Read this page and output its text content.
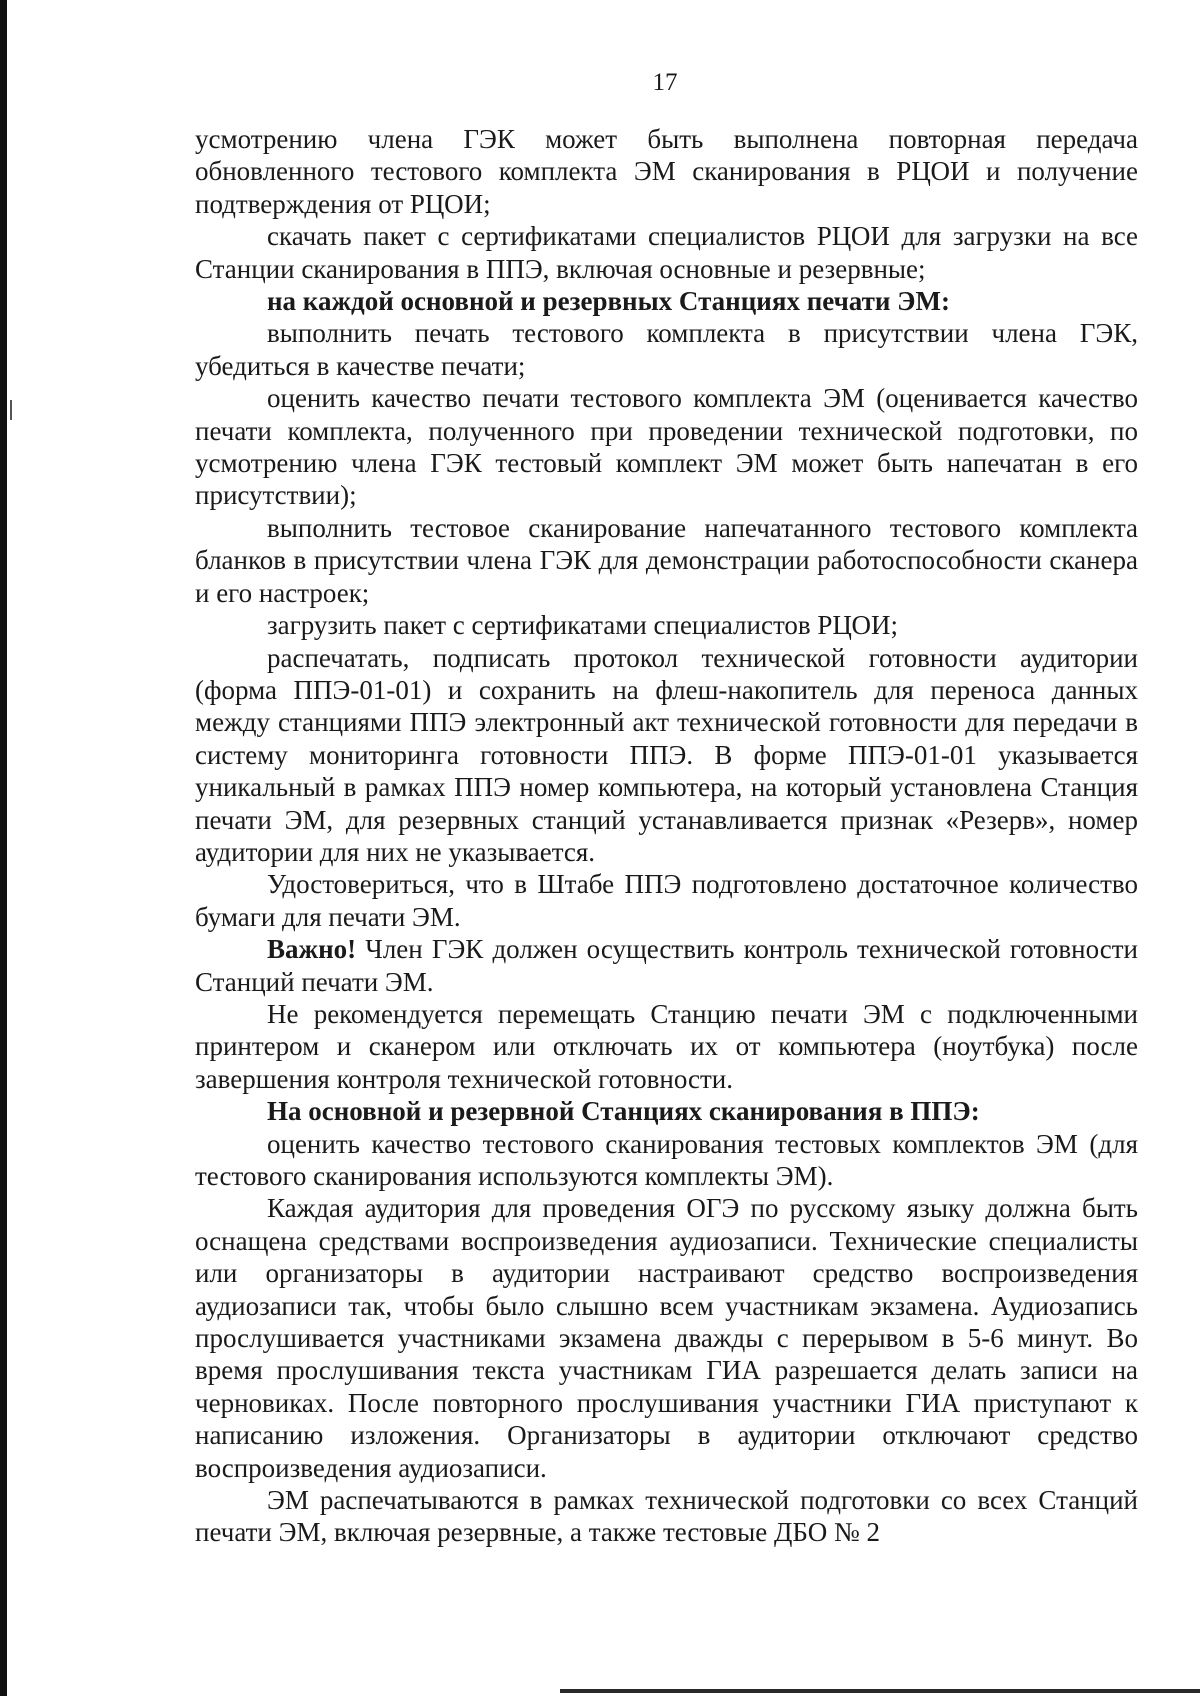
17

усмотрению члена ГЭК может быть выполнена повторная передача обновленного тестового комплекта ЭМ сканирования в РЦОИ и получение подтверждения от РЦОИ;

скачать пакет с сертификатами специалистов РЦОИ для загрузки на все Станции сканирования в ППЭ, включая основные и резервные;

на каждой основной и резервных Станциях печати ЭМ:

выполнить печать тестового комплекта в присутствии члена ГЭК, убедиться в качестве печати;

оценить качество печати тестового комплекта ЭМ (оценивается качество печати комплекта, полученного при проведении технической подготовки, по усмотрению члена ГЭК тестовый комплект ЭМ может быть напечатан в его присутствии);

выполнить тестовое сканирование напечатанного тестового комплекта бланков в присутствии члена ГЭК для демонстрации работоспособности сканера и его настроек;

загрузить пакет с сертификатами специалистов РЦОИ;

распечатать, подписать протокол технической готовности аудитории (форма ППЭ-01-01) и сохранить на флеш-накопитель для переноса данных между станциями ППЭ электронный акт технической готовности для передачи в систему мониторинга готовности ППЭ. В форме ППЭ-01-01 указывается уникальный в рамках ППЭ номер компьютера, на который установлена Станция печати ЭМ, для резервных станций устанавливается признак «Резерв», номер аудитории для них не указывается.

Удостовериться, что в Штабе ППЭ подготовлено достаточное количество бумаги для печати ЭМ.

Важно! Член ГЭК должен осуществить контроль технической готовности Станций печати ЭМ.

Не рекомендуется перемещать Станцию печати ЭМ с подключенными принтером и сканером или отключать их от компьютера (ноутбука) после завершения контроля технической готовности.

На основной и резервной Станциях сканирования в ППЭ:

оценить качество тестового сканирования тестовых комплектов ЭМ (для тестового сканирования используются комплекты ЭМ).

Каждая аудитория для проведения ОГЭ по русскому языку должна быть оснащена средствами воспроизведения аудиозаписи. Технические специалисты или организаторы в аудитории настраивают средство воспроизведения аудиозаписи так, чтобы было слышно всем участникам экзамена. Аудиозапись прослушивается участниками экзамена дважды с перерывом в 5-6 минут. Во время прослушивания текста участникам ГИА разрешается делать записи на черновиках. После повторного прослушивания участники ГИА приступают к написанию изложения. Организаторы в аудитории отключают средство воспроизведения аудиозаписи.

ЭМ распечатываются в рамках технической подготовки со всех Станций печати ЭМ, включая резервные, а также тестовые ДБО № 2
